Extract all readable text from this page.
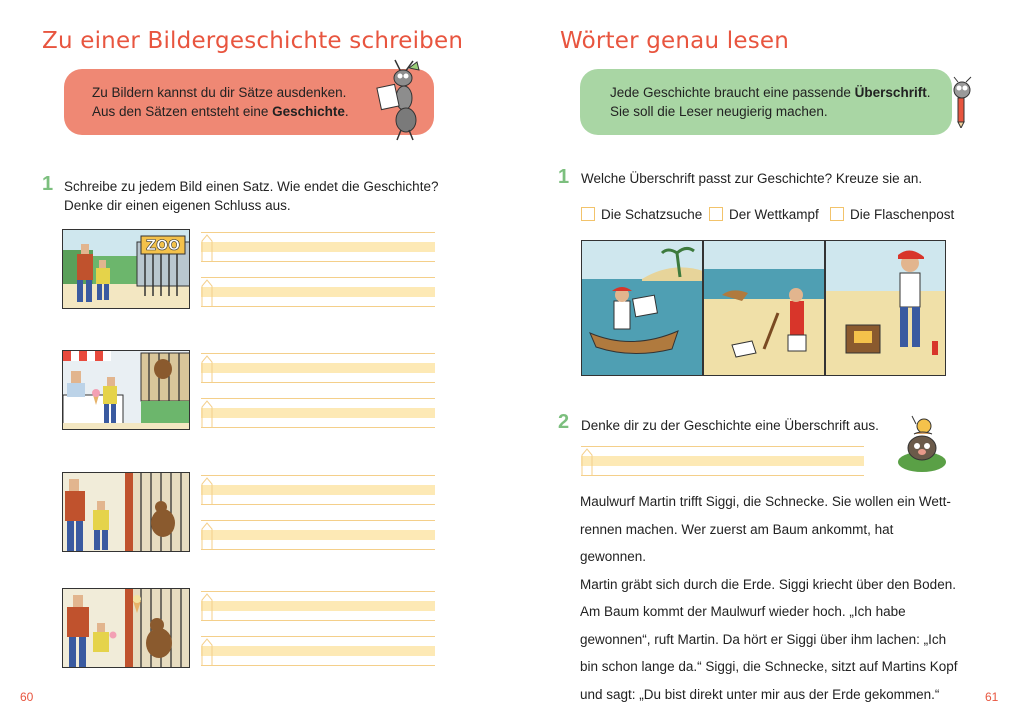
Zu einer Bildergeschichte schreiben
Zu Bildern kannst du dir Sätze ausdenken.
Aus den Sätzen entsteht eine Geschichte.
1 Schreibe zu jedem Bild einen Satz. Wie endet die Geschichte?
Denke dir einen eigenen Schluss aus.
ZOO
60
Wörter genau lesen
Jede Geschichte braucht eine passende Überschrift.
Sie soll die Leser neugierig machen.
1 Welche Überschrift passt zur Geschichte? Kreuze sie an.
Die Schatzsuche	Der Wettkampf	Die Flaschenpost
2 Denke dir zu der Geschichte eine Überschrift aus.

Maulwurf Martin trifft Siggi, die Schnecke. Sie wollen ein Wett-

rennen machen. Wer zuerst am Baum ankommt, hat gewonnen.

Martin gräbt sich durch die Erde. Siggi kriecht über den Boden.

Am Baum kommt der Maulwurf wieder hoch. „Ich habe

gewonnen“, ruft Martin. Da hört er Siggi über ihm lachen: „Ich

bin schon lange da.“ Siggi, die Schnecke, sitzt auf Martins Kopf

und sagt: „Du bist direkt unter mir aus der Erde gekommen.“	61
